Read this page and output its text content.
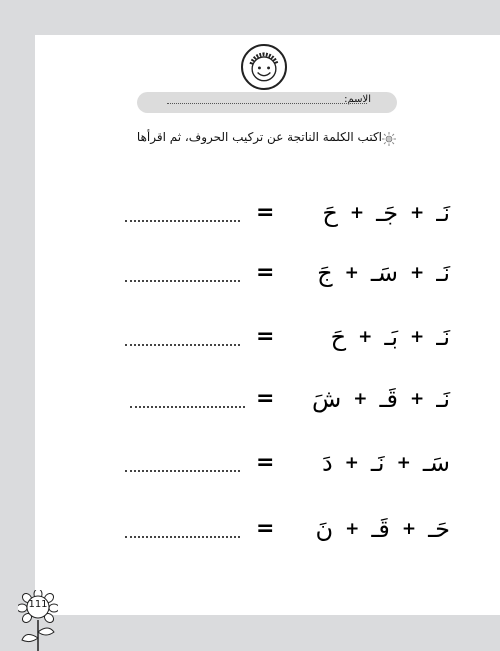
الاسم:
اكتب الكلمة الناتجة عن تركيب الحروف، ثم اقرأها
=	نَـ
+
جَـ
+
حَ
=	نَـ
+
سَـ
+
جَ
=	نَـ
+
بَـ
+
حَ
=	نَـ
+
قَـ
+
شَ
=	سَـ
+
نَـ
+
دَ
=	حَـ
+
قَـ
+
نَ
111
